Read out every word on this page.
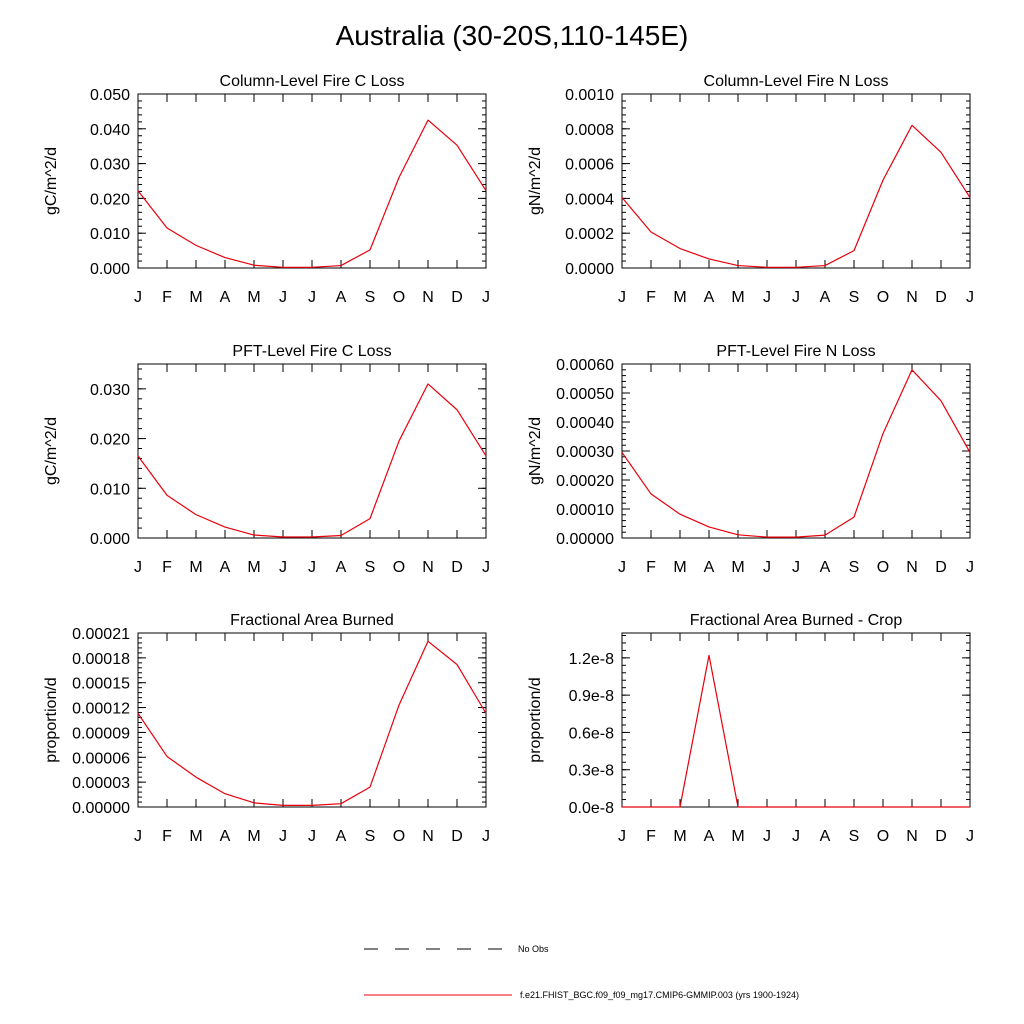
Australia (30-20S,110-145E)
Column-Level Fire C Loss
gC/m^2/d
J F M A M J J A S O N D J
0.000
0.010
0.020
0.030
0.040
0.050
Column-Level Fire N Loss
gN/m^2/d
J F M A M J J A S O N D J
0.0000
0.0002
0.0004
0.0006
0.0008
0.0010
PFT-Level Fire C Loss
gC/m^2/d
J F M A M J J A S O N D J
0.000
0.010
0.020
0.030
PFT-Level Fire N Loss
gN/m^2/d
J F M A M J J A S O N D J
0.00000
0.00010
0.00020
0.00030
0.00040
0.00050
0.00060
Fractional Area Burned
proportion/d
J F M A M J J A S O N D J
0.00000
0.00003
0.00006
0.00009
0.00012
0.00015
0.00018
0.00021
Fractional Area Burned - Crop
proportion/d
J F M A M J J A S O N D J
0.0e-8
0.3e-8
0.6e-8
0.9e-8
1.2e-8
No Obs
f.e21.FHIST_BGC.f09_f09_mg17.CMIP6-GMMIP.003 (yrs 1900-1924)
